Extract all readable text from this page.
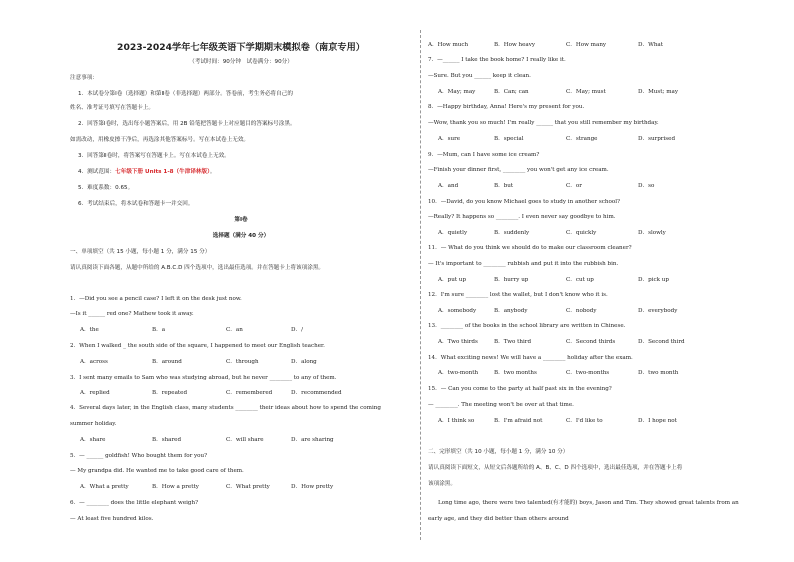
2023-2024学年七年级英语下学期期末模拟卷（南京专用）
（考试时间：90分钟　试卷满分：90分）
注意事项：
1．本试卷分第Ⅰ卷（选择题）和第Ⅱ卷（非选择题）两部分。答卷前，考生务必将自己的
姓名、准考证号填写在答题卡上。
2．回答第Ⅰ卷时，选出每小题答案后，用 2B 铅笔把答题卡上对应题目的答案标号涂黑。
如需改动，用橡皮擦干净后，再选涂其他答案标号。写在本试卷上无效。
3．回答第Ⅱ卷时，将答案写在答题卡上。写在本试卷上无效。
4．测试范围：七年级下册 Units 1-8（牛津译林版）。
5．难度系数：0.65。
6．考试结束后，将本试卷和答题卡一并交回。
第Ⅰ卷
选择题（满分 40 分）
一、单项填空（共 15 小题，每小题 1 分，满分 15 分）
请认真阅读下面各题，从题中所给的 A.B.C.D 四个选项中，选出最佳选项。并在答题卡上将该项涂黑。
1．—Did you see a pencil case? I left it on the desk just now.
—Is it ______ red one? Mathew took it away.
A．the	B．a	C．an	D．/
2．When I walked _ the south side of the square, I happened to meet our English teacher.
A．across	B．around	C．through	D．along
3．I sent many emails to Sam who was studying abroad, but he never ________ to any of them.
A．replied	B．repeated	C．remembered	D．recommended
4．Several days later, in the English class, many students ________ their ideas about how to spend the coming
summer holiday.
A．share	B．shared	C．will share	D．are sharing
5．— ______ goldfish! Who bought them for you?
— My grandpa did. He wanted me to take good care of them.
A．What a pretty	B．How a pretty	C．What pretty	D．How pretty
6．— ________ does the little elephant weigh?
— At least five hundred kilos.
A．How much	B．How heavy	C．How many	D．What
7．—______ I take the book home? I really like it.
—Sure. But you ______ keep it clean.
A．May; may	B．Can; can	C．May; must	D．Must; may
8．—Happy birthday, Anna! Here's my present for you.
—Wow, thank you so much! I'm really ______ that you still remember my birthday.
A．sure	B．special	C．strange	D．surprised
9．—Mum, can I have some ice cream?
—Finish your dinner first, ________ you won't get any ice cream.
A．and	B．but	C．or	D．so
10．—David, do you know Michael goes to study in another school?
—Really? It happens so ________. I even never say goodbye to him.
A．quietly	B．suddenly	C．quickly	D．slowly
11．— What do you think we should do to make our classroom cleaner?
— It's important to ________ rubbish and put it into the rubbish bin.
A．put up	B．hurry up	C．cut up	D．pick up
12．I'm sure ________ lost the wallet, but I don't know who it is.
A．somebody	B．anybody	C．nobody	D．everybody
13．________ of the books in the school library are written in Chinese.
A．Two thirds	B．Two third	C．Second thirds	D．Second third
14．What exciting news! We will have a ________ holiday after the exam.
A．two-month	B．two months	C．two-months	D．two month
15．— Can you come to the party at half past six in the evening?
— ________. The meeting won't be over at that time.
A．I think so	B．I'm afraid not	C．I'd like to	D．I hope not
二、完形填空（共 10 小题，每小题 1 分，满分 10 分）
请认真阅读下面短文，从短文后各题所给的 A、B、C、D 四个选项中，选出最佳选项，并在答题卡上将
该项涂黑。
Long time ago, there were two talented(有才能的) boys, Jason and Tim. They showed great talents from an
early age, and they did better than others around
